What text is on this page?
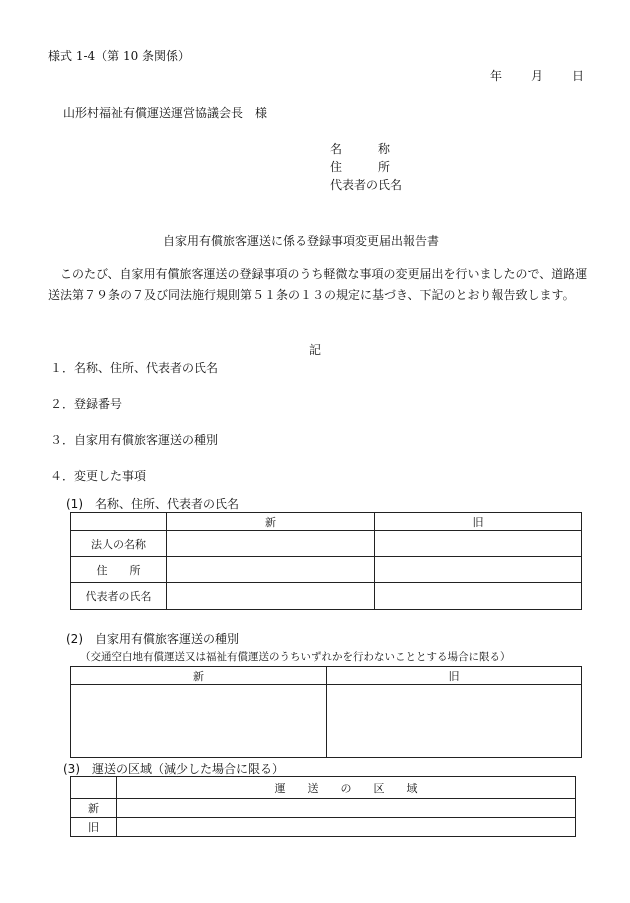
様式 1-4（第 10 条関係）
年 月 日
山形村福祉有償運送運営協議会長　様
名　　　称
住　　　所
代表者の氏名
自家用有償旅客運送に係る登録事項変更届出報告書
　このたび、自家用有償旅客運送の登録事項のうち軽微な事項の変更届出を行いましたので、道路運送法第７９条の７及び同法施行規則第５１条の１３の規定に基づき、下記のとおり報告致します。
記
１．名称、住所、代表者の氏名
２．登録番号
３．自家用有償旅客運送の種別
４．変更した事項
(1)　名称、住所、代表者の氏名
	新	旧
法人の名称		
住　　所		
代表者の氏名		
(2)　自家用有償旅客運送の種別
（交通空白地有償運送又は福祉有償運送のうちいずれかを行わないこととする場合に限る）
新	旧

(3)　運送の区域（減少した場合に限る）
	運　　送　　の　　区　　域
新	
旧	
